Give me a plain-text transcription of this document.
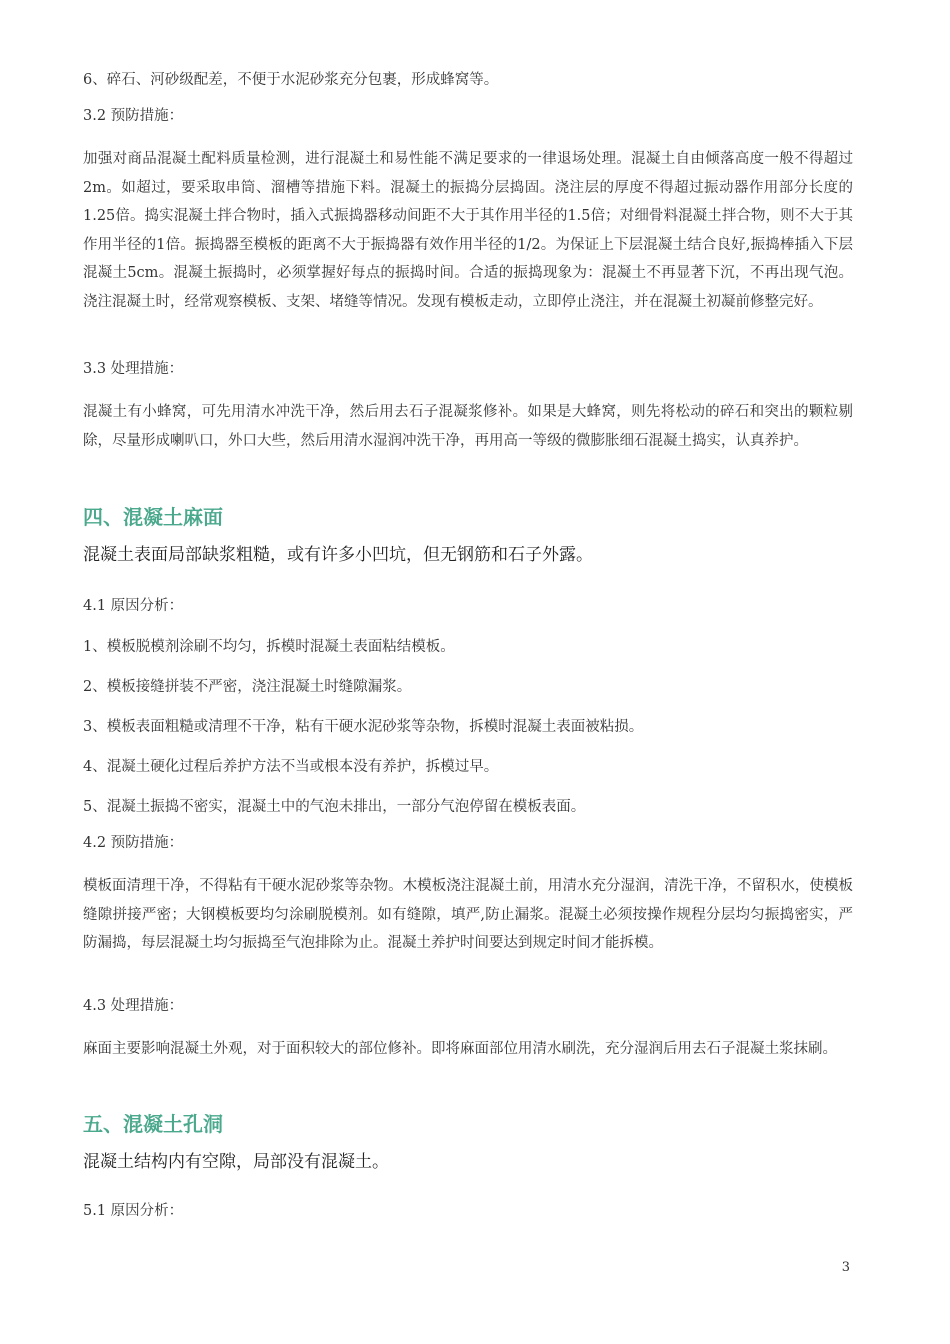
6、碎石、河砂级配差，不便于水泥砂浆充分包裹，形成蜂窝等。

3.2 预防措施：

加强对商品混凝土配料质量检测，进行混凝土和易性能不满足要求的一律退场处理。混凝土自由倾落高度一般不得超过2m。如超过，要采取串筒、溜槽等措施下料。混凝土的振捣分层捣固。浇注层的厚度不得超过振动器作用部分长度的1.25倍。捣实混凝土拌合物时，插入式振捣器移动间距不大于其作用半径的1.5倍；对细骨料混凝土拌合物，则不大于其作用半径的1倍。振捣器至模板的距离不大于振捣器有效作用半径的1/2。为保证上下层混凝土结合良好,振捣棒插入下层混凝土5cm。混凝土振捣时，必须掌握好每点的振捣时间。合适的振捣现象为：混凝土不再显著下沉，不再出现气泡。浇注混凝土时，经常观察模板、支架、堵缝等情况。发现有模板走动，立即停止浇注，并在混凝土初凝前修整完好。

3.3 处理措施：

混凝土有小蜂窝，可先用清水冲洗干净，然后用去石子混凝浆修补。如果是大蜂窝，则先将松动的碎石和突出的颗粒剔除，尽量形成喇叭口，外口大些，然后用清水湿润冲洗干净，再用高一等级的微膨胀细石混凝土捣实，认真养护。

四、混凝土麻面

混凝土表面局部缺浆粗糙，或有许多小凹坑，但无钢筋和石子外露。

4.1 原因分析：

1、模板脱模剂涂刷不均匀，拆模时混凝土表面粘结模板。

2、模板接缝拼装不严密，浇注混凝土时缝隙漏浆。

3、模板表面粗糙或清理不干净，粘有干硬水泥砂浆等杂物，拆模时混凝土表面被粘损。

4、混凝土硬化过程后养护方法不当或根本没有养护，拆模过早。

5、混凝土振捣不密实，混凝土中的气泡未排出，一部分气泡停留在模板表面。

4.2 预防措施：

模板面清理干净，不得粘有干硬水泥砂浆等杂物。木模板浇注混凝土前，用清水充分湿润，清洗干净，不留积水，使模板缝隙拼接严密；大钢模板要均匀涂刷脱模剂。如有缝隙，填严,防止漏浆。混凝土必须按操作规程分层均匀振捣密实，严防漏捣，每层混凝土均匀振捣至气泡排除为止。混凝土养护时间要达到规定时间才能拆模。

4.3 处理措施：

麻面主要影响混凝土外观，对于面积较大的部位修补。即将麻面部位用清水刷洗，充分湿润后用去石子混凝土浆抹刷。

五、混凝土孔洞

混凝土结构内有空隙，局部没有混凝土。

5.1 原因分析：

3
